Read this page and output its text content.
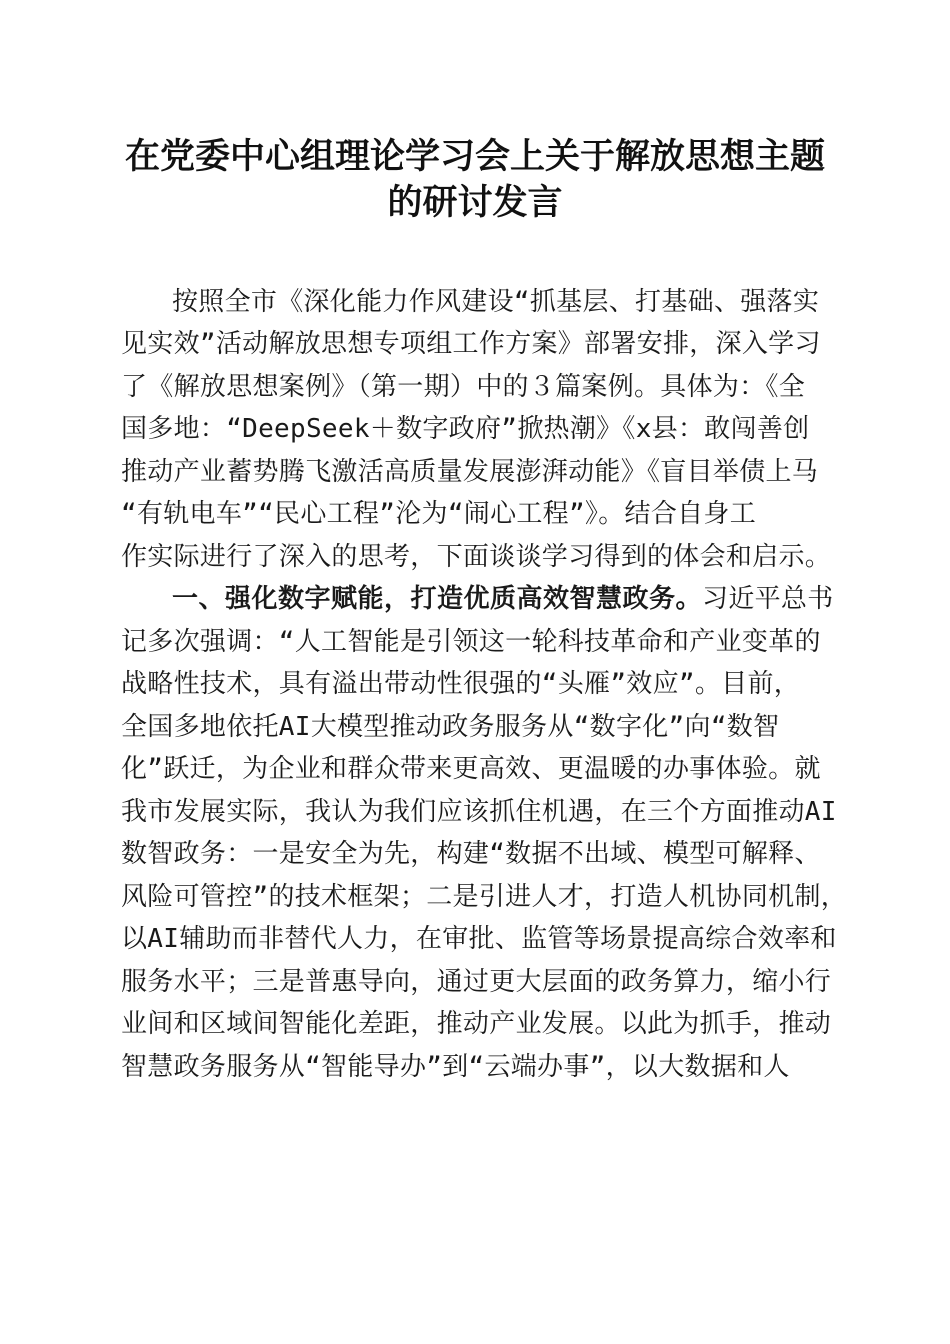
在党委中心组理论学习会上关于解放思想主题
的研讨发言
按照全市《深化能力作风建设“抓基层、打基础、强落实
见实效”活动解放思想专项组工作方案》部署安排，深入学习
了《解放思想案例》（第一期）中的３篇案例。具体为：《全
国多地：“DeepSeek＋数字政府”掀热潮》《x县：敢闯善创
推动产业蓄势腾飞激活高质量发展澎湃动能》《盲目举债上马
“有轨电车”“民心工程”沦为“闹心工程”》。结合自身工
作实际进行了深入的思考，下面谈谈学习得到的体会和启示。
一、强化数字赋能，打造优质高效智慧政务。习近平总书
记多次强调：“人工智能是引领这一轮科技革命和产业变革的
战略性技术，具有溢出带动性很强的“头雁”效应”。目前，
全国多地依托AI大模型推动政务服务从“数字化”向“数智
化”跃迁，为企业和群众带来更高效、更温暖的办事体验。就
我市发展实际，我认为我们应该抓住机遇，在三个方面推动AI
数智政务：一是安全为先，构建“数据不出域、模型可解释、
风险可管控”的技术框架；二是引进人才，打造人机协同机制，
以AI辅助而非替代人力，在审批、监管等场景提高综合效率和
服务水平；三是普惠导向，通过更大层面的政务算力，缩小行
业间和区域间智能化差距，推动产业发展。以此为抓手，推动
智慧政务服务从“智能导办”到“云端办事”，以大数据和人
